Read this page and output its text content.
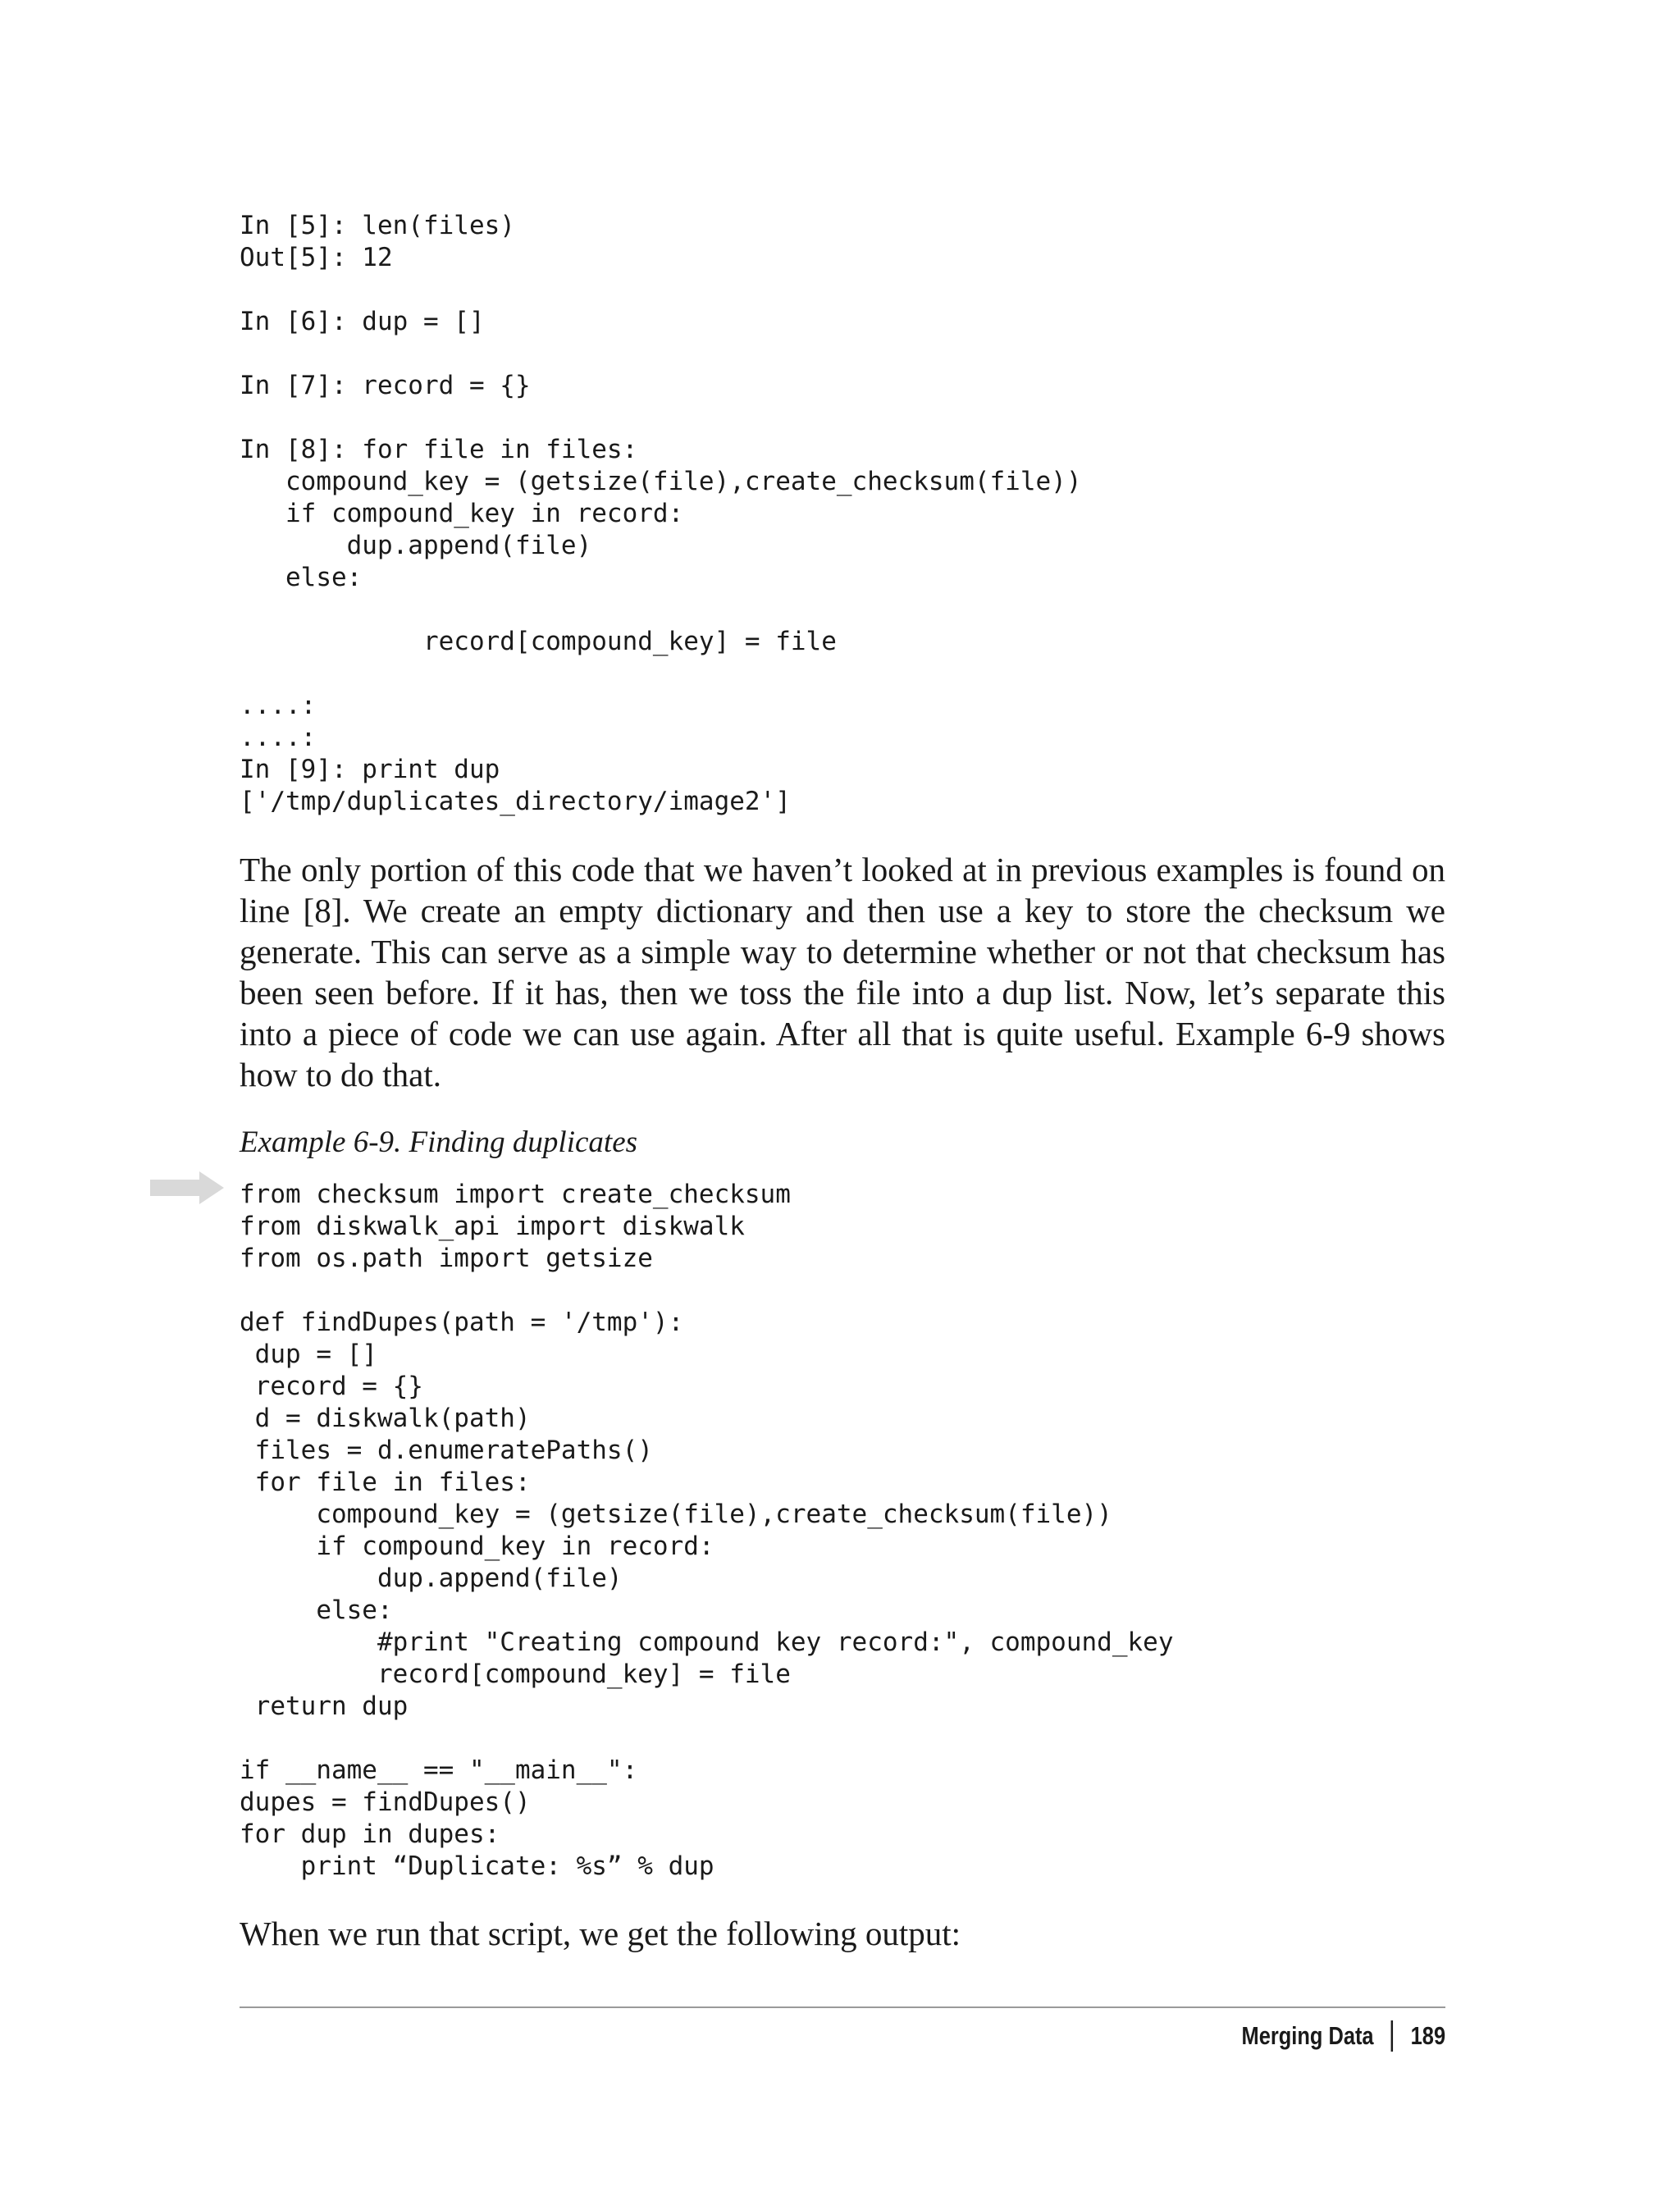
In [5]: len(files)
Out[5]: 12
In [6]: dup = []
In [7]: record = {}
In [8]: for file in files:
compound_key = (getsize(file),create_checksum(file))
if compound_key in record:
dup.append(file)
else:
record[compound_key] = file
....:
....:
In [9]: print dup
['/tmp/duplicates_directory/image2']

The only portion of this code that we haven’t looked at in previous examples is found on line [8]. We create an empty dictionary and then use a key to store the checksum we generate. This can serve as a simple way to determine whether or not that checksum has been seen before. If it has, then we toss the file into a dup list. Now, let’s separate this into a piece of code we can use again. After all that is quite useful. Example 6-9 shows how to do that.

Example 6-9. Finding duplicates

from checksum import create_checksum
from diskwalk_api import diskwalk
from os.path import getsize
def findDupes(path = '/tmp'):
dup = []
record = {}
d = diskwalk(path)
files = d.enumeratePaths()
for file in files:
compound_key = (getsize(file),create_checksum(file))
if compound_key in record:
dup.append(file)
else:
#print "Creating compound key record:", compound_key
record[compound_key] = file
return dup
if __name__ == "__main__":
dupes = findDupes()
for dup in dupes:
print “Duplicate: %s” % dup

When we run that script, we get the following output:

Merging Data 189
